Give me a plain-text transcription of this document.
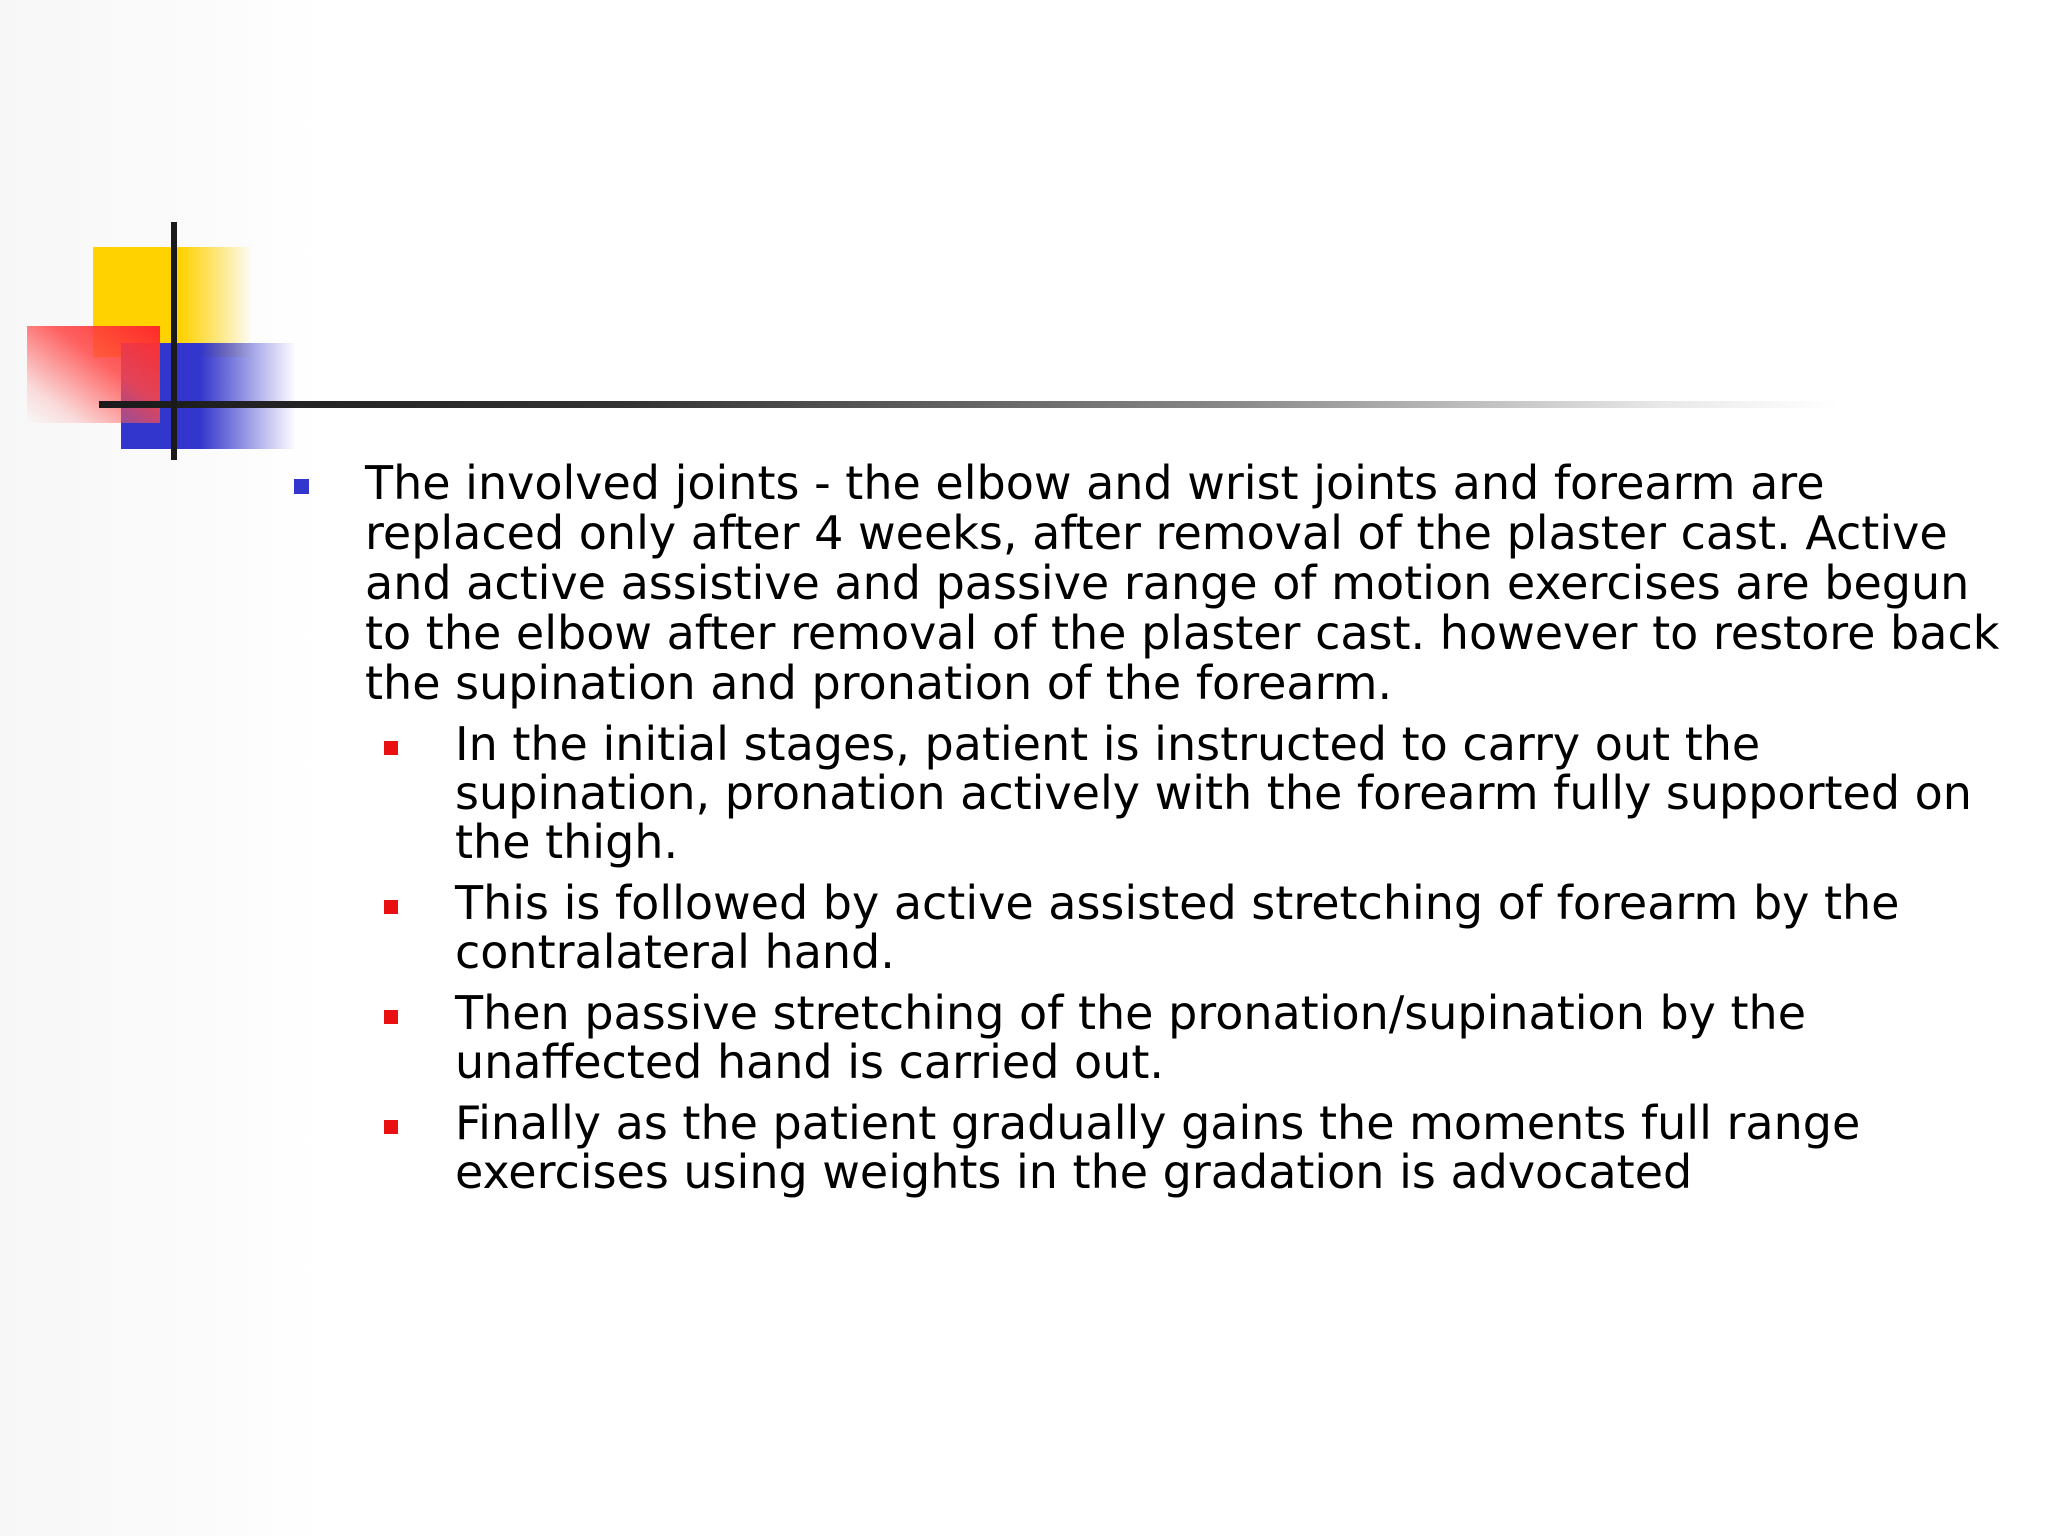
The involved joints - the elbow and wrist joints and forearm are replaced only after 4 weeks, after removal of the plaster cast. Active and active assistive and passive range of motion exercises are begun to the elbow after removal of the plaster cast. however to restore back the supination and pronation of the forearm.
In the initial stages, patient is instructed to carry out the supination, pronation actively with the forearm fully supported on the thigh.
This is followed by active assisted stretching of forearm by the contralateral hand.
Then passive stretching of the pronation/supination by the unaffected hand is carried out.
Finally as the patient gradually gains the moments full range exercises using weights in the gradation is advocated
